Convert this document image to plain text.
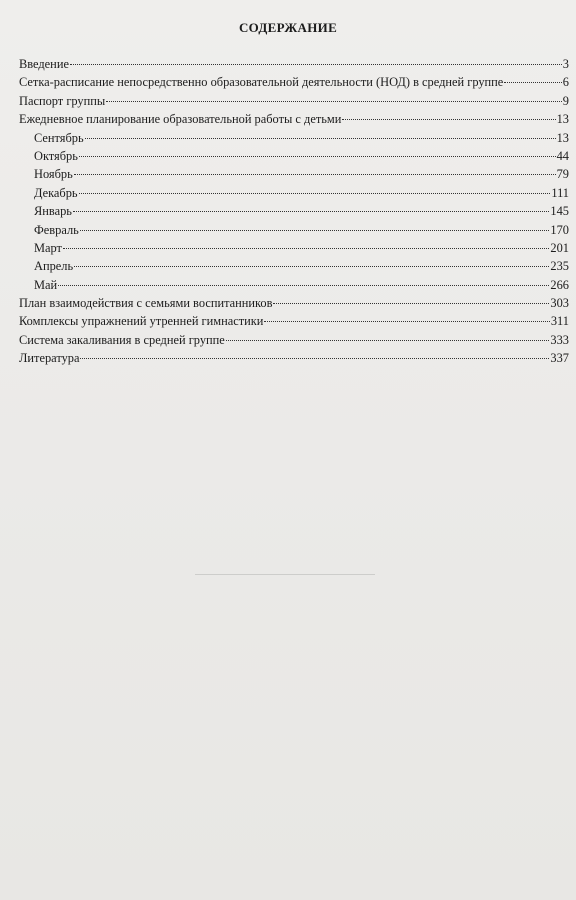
СОДЕРЖАНИЕ
Введение	3
Сетка-расписание непосредственно образовательной деятельности (НОД) в средней группе	6
Паспорт группы	9
Ежедневное планирование образовательной работы с детьми	13
Сентябрь	13
Октябрь	44
Ноябрь	79
Декабрь	111
Январь	145
Февраль	170
Март	201
Апрель	235
Май	266
План взаимодействия с семьями воспитанников	303
Комплексы упражнений утренней гимнастики	311
Система закаливания в средней группе	333
Литература	337
